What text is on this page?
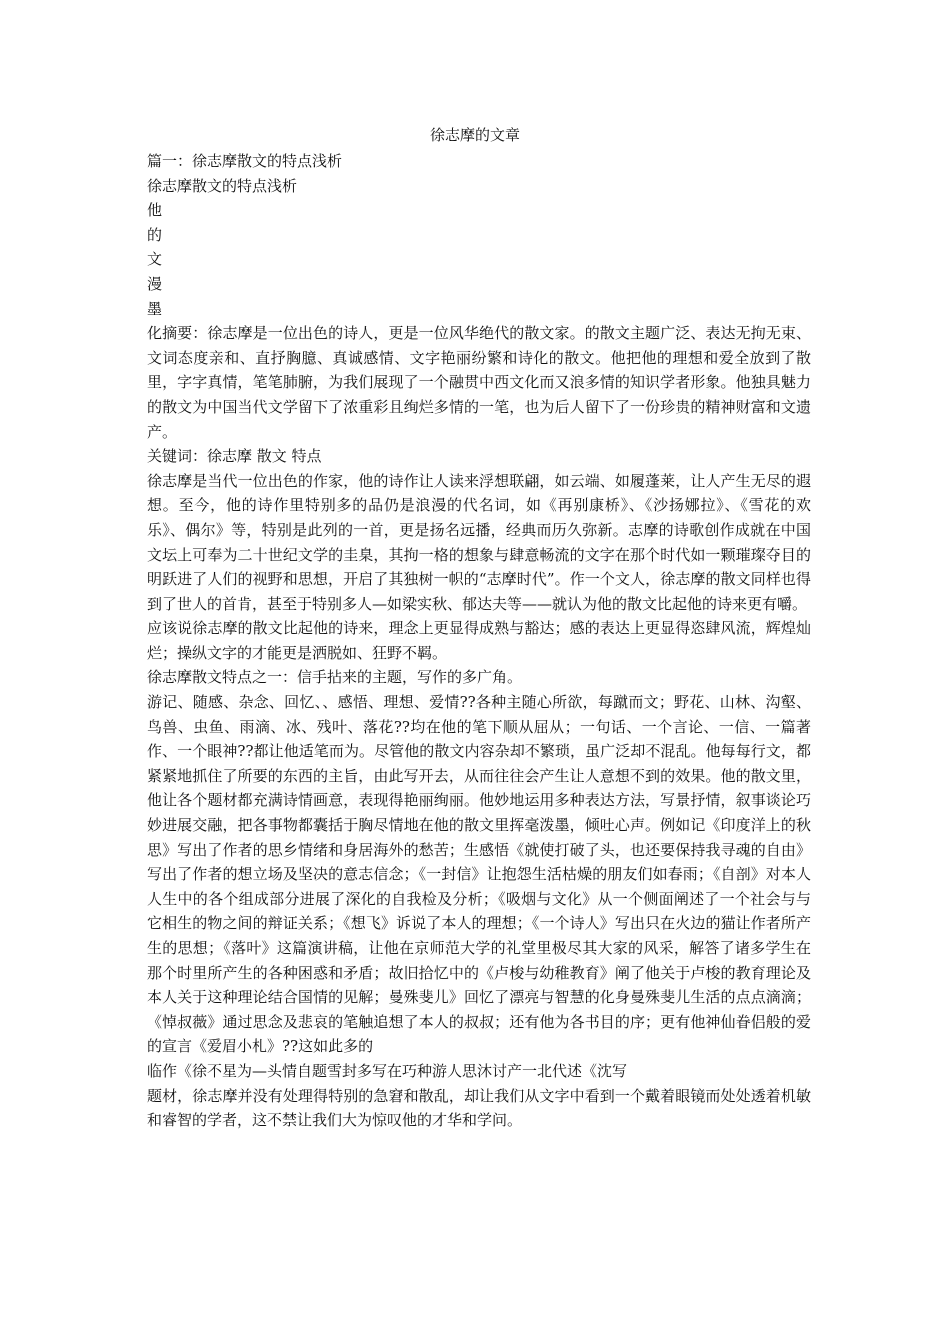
徐志摩的文章

篇一：徐志摩散文的特点浅析

徐志摩散文的特点浅析

他

的

文

漫

墨

化摘要：徐志摩是一位出色的诗人，更是一位风华绝代的散文家。的散文主题广泛、表达无拘无束、文词态度亲和、直抒胸臆、真诚感情、文字艳丽纷繁和诗化的散文。他把他的理想和爱全放到了散里，字字真情，笔笔肺腑，为我们展现了一个融贯中西文化而又浪多情的知识学者形象。他独具魅力的散文为中国当代文学留下了浓重彩且绚烂多情的一笔，也为后人留下了一份珍贵的精神财富和文遗产。

关键词：徐志摩 散文 特点

徐志摩是当代一位出色的作家，他的诗作让人读来浮想联翩，如云端、如履蓬莱，让人产生无尽的遐想。至今，他的诗作里特别多的品仍是浪漫的代名词，如《再别康桥》、《沙扬娜拉》、《雪花的欢乐》、偶尔》等，特别是此列的一首，更是扬名远播，经典而历久弥新。志摩的诗歌创作成就在中国文坛上可奉为二十世纪文学的圭臬，其拘一格的想象与肆意畅流的文字在那个时代如一颗璀璨夺目的明跃进了人们的视野和思想，开启了其独树一帜的“志摩时代”。作一个文人，徐志摩的散文同样也得到了世人的首肯，甚至于特别多人—如梁实秋、郁达夫等——就认为他的散文比起他的诗来更有嚼。

应该说徐志摩的散文比起他的诗来，理念上更显得成熟与豁达；感的表达上更显得恣肆风流，辉煌灿烂；操纵文字的才能更是洒脱如、狂野不羁。

徐志摩散文特点之一：信手拈来的主题，写作的多广角。

游记、随感、杂念、回忆、、感悟、理想、爱情??各种主随心所欲，每蹴而文；野花、山林、沟壑、鸟兽、虫鱼、雨滴、冰、残叶、落花??均在他的笔下顺从屈从；一句话、一个言论、一信、一篇著作、一个眼神??都让他适笔而为。尽管他的散文内容杂却不繁琐，虽广泛却不混乱。他每每行文，都紧紧地抓住了所要的东西的主旨，由此写开去，从而往往会产生让人意想不到的效果。他的散文里，他让各个题材都充满诗情画意，表现得艳丽绚丽。他妙地运用多种表达方法，写景抒情，叙事谈论巧妙进展交融，把各事物都囊括于胸尽情地在他的散文里挥毫泼墨，倾吐心声。例如记《印度洋上的秋思》写出了作者的思乡情绪和身居海外的愁苦；生感悟《就使打破了头，也还要保持我寻魂的自由》写出了作者的想立场及坚决的意志信念；《一封信》让抱怨生活枯燥的朋友们如春雨；《自剖》对本人人生中的各个组成部分进展了深化的自我检及分析；《吸烟与文化》从一个侧面阐述了一个社会与与它相生的物之间的辩证关系；《想飞》诉说了本人的理想；《一个诗人》写出只在火边的猫让作者所产生的思想；《落叶》这篇演讲稿，让他在京师范大学的礼堂里极尽其大家的风采，解答了诸多学生在那个时里所产生的各种困惑和矛盾；故旧拾忆中的《卢梭与幼稚教育》阐了他关于卢梭的教育理论及本人关于这种理论结合国情的见解；曼殊斐儿》回忆了漂亮与智慧的化身曼殊斐儿生活的点点滴滴；《悼叔薇》通过思念及悲哀的笔触追想了本人的叔叔；还有他为各书目的序；更有他神仙眷侣般的爱的宣言《爱眉小札》??这如此多的

临作《徐不星为—头情自题雪封多写在巧种游人思沐讨产一北代述《沈写

题材，徐志摩并没有处理得特别的急窘和散乱，却让我们从文字中看到一个戴着眼镜而处处透着机敏和睿智的学者，这不禁让我们大为惊叹他的才华和学问。
